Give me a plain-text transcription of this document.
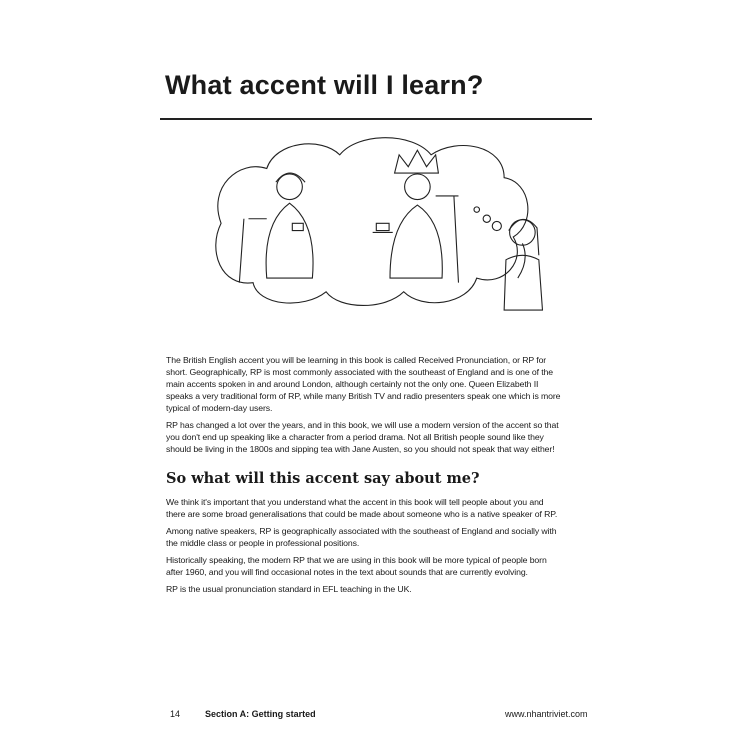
What accent will I learn?
The British English accent you will be learning in this book is called Received Pronunciation, or RP for
short. Geographically, RP is most commonly associated with the southeast of England and is one of the
main accents spoken in and around London, although certainly not the only one. Queen Elizabeth II
speaks a very traditional form of RP, while many British TV and radio presenters speak one which is more
typical of modern-day users.
RP has changed a lot over the years, and in this book, we will use a modern version of the accent so that
you don't end up speaking like a character from a period drama. Not all British people sound like they
should be living in the 1800s and sipping tea with Jane Austen, so you should not speak that way either!
So what will this accent say about me?
We think it's important that you understand what the accent in this book will tell people about you and
there are some broad generalisations that could be made about someone who is a native speaker of RP.
Among native speakers, RP is geographically associated with the southeast of England and socially with
the middle class or people in professional positions.
Historically speaking, the modern RP that we are using in this book will be more typical of people born
after 1960, and you will find occasional notes in the text about sounds that are currently evolving.
RP is the usual pronunciation standard in EFL teaching in the UK.
14	Section A: Getting started	www.nhantriviet.com
